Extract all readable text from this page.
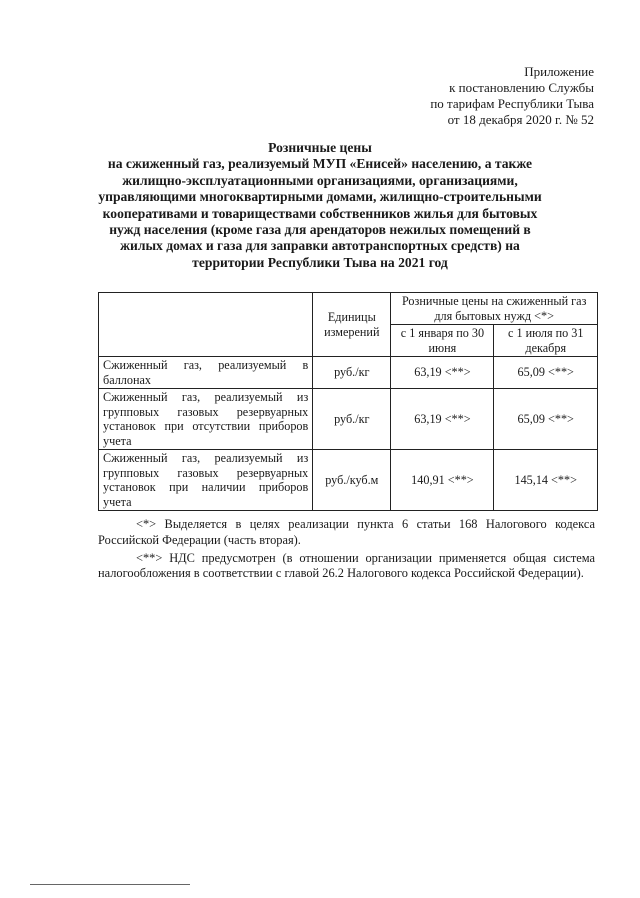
Приложение
к постановлению Службы
по тарифам Республики Тыва
от 18 декабря 2020 г. № 52
Розничные цены
на сжиженный газ, реализуемый МУП «Енисей» населению, а также
жилищно-эксплуатационными организациями, организациями,
управляющими многоквартирными домами, жилищно-строительными
кооперативами и товариществами собственников жилья для бытовых
нужд населения (кроме газа для арендаторов нежилых помещений в
жилых домах и газа для заправки автотранспортных средств) на
территории Республики Тыва на 2021 год
	Единицы измерений	Розничные цены на сжиженный газ для бытовых нужд <*>	
		с 1 января по 30 июня	с 1 июля по 31 декабря
Сжиженный газ, реализуемый в баллонах	руб./кг	63,19 <**>	65,09 <**>
Сжиженный газ, реализуемый из групповых газовых резервуарных установок при отсутствии приборов учета	руб./кг	63,19 <**>	65,09 <**>
Сжиженный газ, реализуемый из групповых газовых резервуарных установок при наличии приборов учета	руб./куб.м	140,91 <**>	145,14 <**>

<*> Выделяется в целях реализации пункта 6 статьи 168 Налогового кодекса Российской Федерации (часть вторая).

<**> НДС предусмотрен (в отношении организации применяется общая система налогообложения в соответствии с главой 26.2 Налогового кодекса Российской Федерации).
